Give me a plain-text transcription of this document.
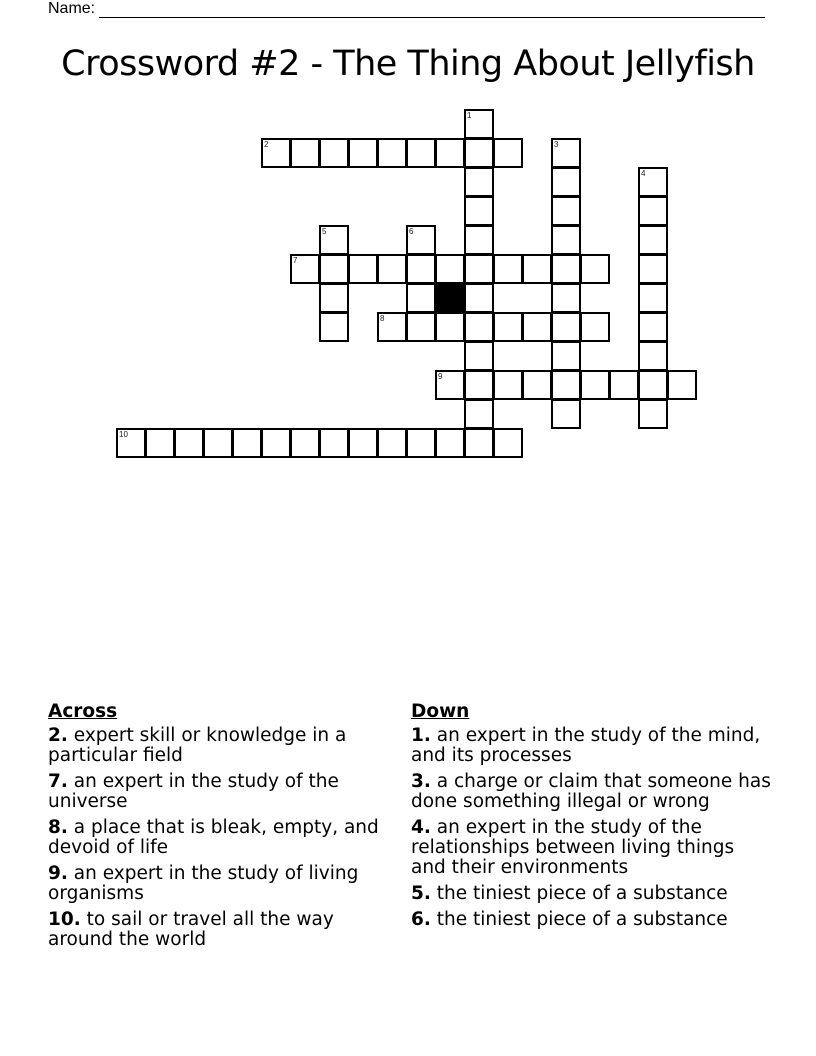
Name:
Crossword #2 - The Thing About Jellyfish
1
2	3
4
5	6
7
8
9
10
Across
2. expert skill or knowledge in a particular field
7. an expert in the study of the universe
8. a place that is bleak, empty, and devoid of life
9. an expert in the study of living organisms
10. to sail or travel all the way around the world
Down
1. an expert in the study of the mind, and its processes
3. a charge or claim that someone has done something illegal or wrong
4. an expert in the study of the relationships between living things and their environments
5. the tiniest piece of a substance
6. the tiniest piece of a substance
